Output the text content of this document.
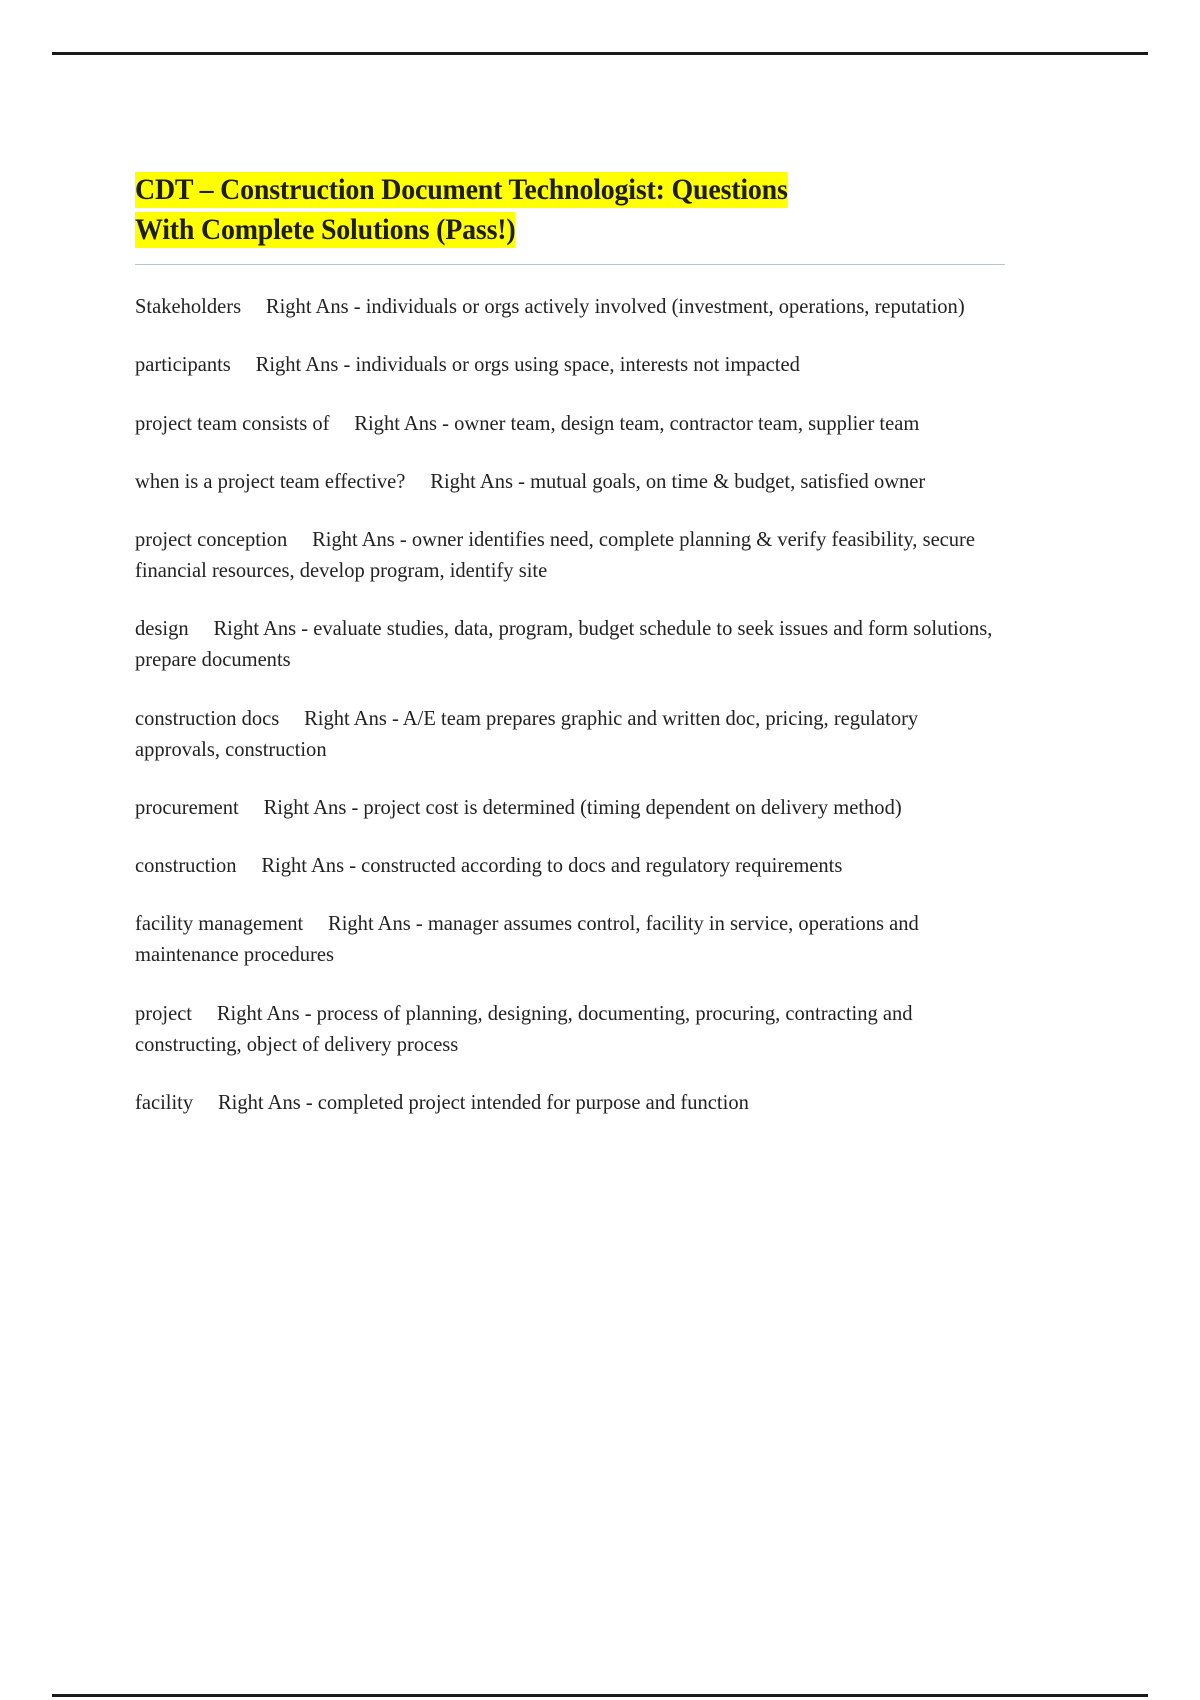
CDT – Construction Document Technologist: Questions
With Complete Solutions (Pass!)

Stakeholders Right Ans - individuals or orgs actively involved (investment, operations, reputation)

participants Right Ans - individuals or orgs using space, interests not impacted

project team consists of Right Ans - owner team, design team, contractor team, supplier team

when is a project team effective? Right Ans - mutual goals, on time & budget, satisfied owner

project conception Right Ans - owner identifies need, complete planning & verify feasibility, secure financial resources, develop program, identify site

design Right Ans - evaluate studies, data, program, budget schedule to seek issues and form solutions, prepare documents

construction docs Right Ans - A/E team prepares graphic and written doc, pricing, regulatory approvals, construction

procurement Right Ans - project cost is determined (timing dependent on delivery method)

construction Right Ans - constructed according to docs and regulatory requirements

facility management Right Ans - manager assumes control, facility in service, operations and maintenance procedures

project Right Ans - process of planning, designing, documenting, procuring, contracting and constructing, object of delivery process

facility Right Ans - completed project intended for purpose and function
